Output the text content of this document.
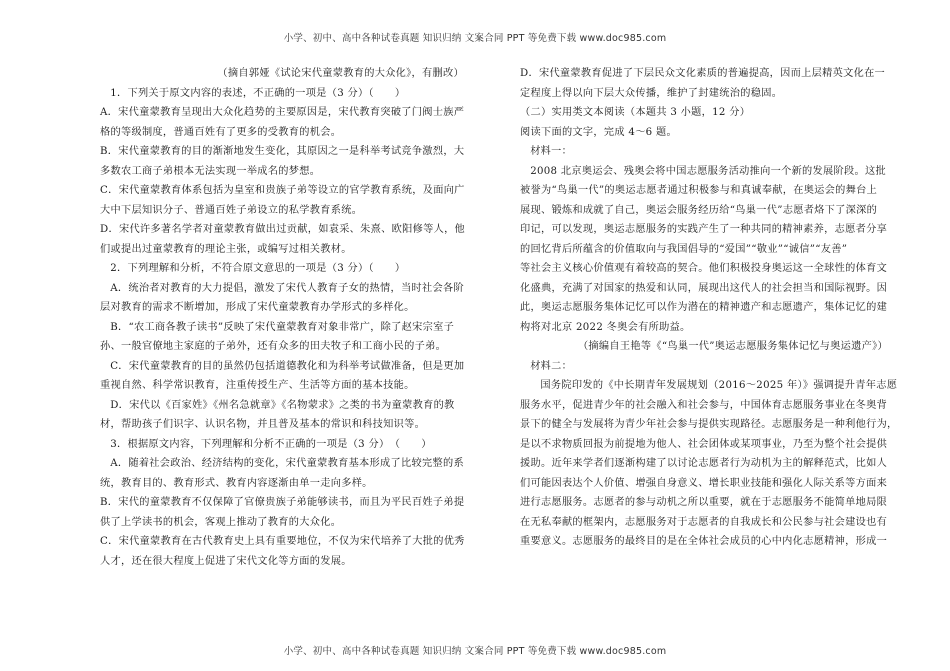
小学、初中、高中各种试卷真题 知识归纳 文案合同 PPT 等免费下载 www.doc985.com

（摘自郭娅《试论宋代童蒙教育的大众化》，有删改）

1．下列关于原文内容的表述，不正确的一项是（3 分）（　　）

A．宋代童蒙教育呈现出大众化趋势的主要原因是，宋代教育突破了门阀士族严格的等级制度，普通百姓有了更多的受教育的机会。

B．宋代童蒙教育的目的渐渐地发生变化，其原因之一是科举考试竞争激烈，大多数农工商子弟根本无法实现一举成名的梦想。

C．宋代童蒙教育体系包括为皇室和贵族子弟等设立的官学教育系统，及面向广大中下层知识分子、普通百姓子弟设立的私学教育系统。

D．宋代许多著名学者对童蒙教育做出过贡献，如袁采、朱熹、欧阳修等人，他们或提出过童蒙教育的理论主张，或编写过相关教材。

2．下列理解和分析，不符合原文意思的一项是（3 分）（　　）

A．统治者对教育的大力提倡，激发了宋代人教育子女的热情，当时社会各阶层对教育的需求不断增加，形成了宋代童蒙教育办学形式的多样化。

B．“农工商各教子读书”反映了宋代童蒙教育对象非常广，除了赵宋宗室子孙、一般官僚地主家庭的子弟外，还有众多的田夫牧子和工商小民的子弟。

C．宋代童蒙教育的目的虽然仍包括道德教化和为科举考试做准备，但是更加重视自然、科学常识教育，注重传授生产、生活等方面的基本技能。

D．宋代以《百家姓》《州名急就章》《名物蒙求》之类的书为童蒙教育的教材，帮助孩子们识字、认识名物，并且普及基本的常识和科技知识等。

3．根据原文内容，下列理解和分析不正确的一项是（3 分）　（　　）

A．随着社会政治、经济结构的变化，宋代童蒙教育基本形成了比较完整的系统，教育目的、教育形式、教育内容逐渐由单一走向多样。

B．宋代的童蒙教育不仅保障了官僚贵族子弟能够读书，而且为平民百姓子弟提供了上学读书的机会，客观上推动了教育的大众化。

C．宋代童蒙教育在古代教育史上具有重要地位，不仅为宋代培养了大批的优秀人才，还在很大程度上促进了宋代文化等方面的发展。

D．宋代童蒙教育促进了下层民众文化素质的普遍提高，因而上层精英文化在一定程度上得以向下层大众传播，维护了封建统治的稳固。

（二）实用类文本阅读（本题共 3 小题，12 分）

阅读下面的文字，完成 4～6 题。

材料一：

2008 北京奥运会、残奥会将中国志愿服务活动推向一个新的发展阶段。这批
被誉为“鸟巢一代”的奥运志愿者通过积极参与和真诚奉献，在奥运会的舞台上
展现、锻炼和成就了自己，奥运会服务经历给“鸟巢一代”志愿者烙下了深深的
印记，可以发现，奥运志愿服务的实践产生了一种共同的精神素养，志愿者分享
的回忆背后所蕴含的价值取向与我国倡导的“爱国”“敬业”“诚信”“友善”
等社会主义核心价值观有着较高的契合。他们积极投身奥运这一全球性的体育文
化盛典，充满了对国家的热爱和认同，展现出这代人的社会担当和国际视野。因
此，奥运志愿服务集体记忆可以作为潜在的精神遗产和志愿遗产，集体记忆的建
构将对北京 2022 冬奥会有所助益。

（摘编自王艳等《“鸟巢一代”奥运志愿服务集体记忆与奥运遗产》）

材料二：

国务院印发的《中长期青年发展规划（2016～2025 年）》强调提升青年志愿
服务水平，促进青少年的社会融入和社会参与，中国体育志愿服务事业在冬奥背
景下的健全与发展将为青少年社会参与提供实现路径。志愿服务是一种利他行为，
是以不求物质回报为前提地为他人、社会团体或某项事业，乃至为整个社会提供
援助。近年来学者们逐渐构建了以讨论志愿者行为动机为主的解释范式，比如人
们可能因表达个人价值、增强自身意义、增长职业技能和强化人际关系等方面来
进行志愿服务。志愿者的参与动机之所以重要，就在于志愿服务不能简单地局限
在无私奉献的框架内，志愿服务对于志愿者的自我成长和公民参与社会建设也有
重要意义。志愿服务的最终目的是在全体社会成员的心中内化志愿精神，形成一
小学、初中、高中各种试卷真题 知识归纳 文案合同 PPT 等免费下载 www.doc985.com
